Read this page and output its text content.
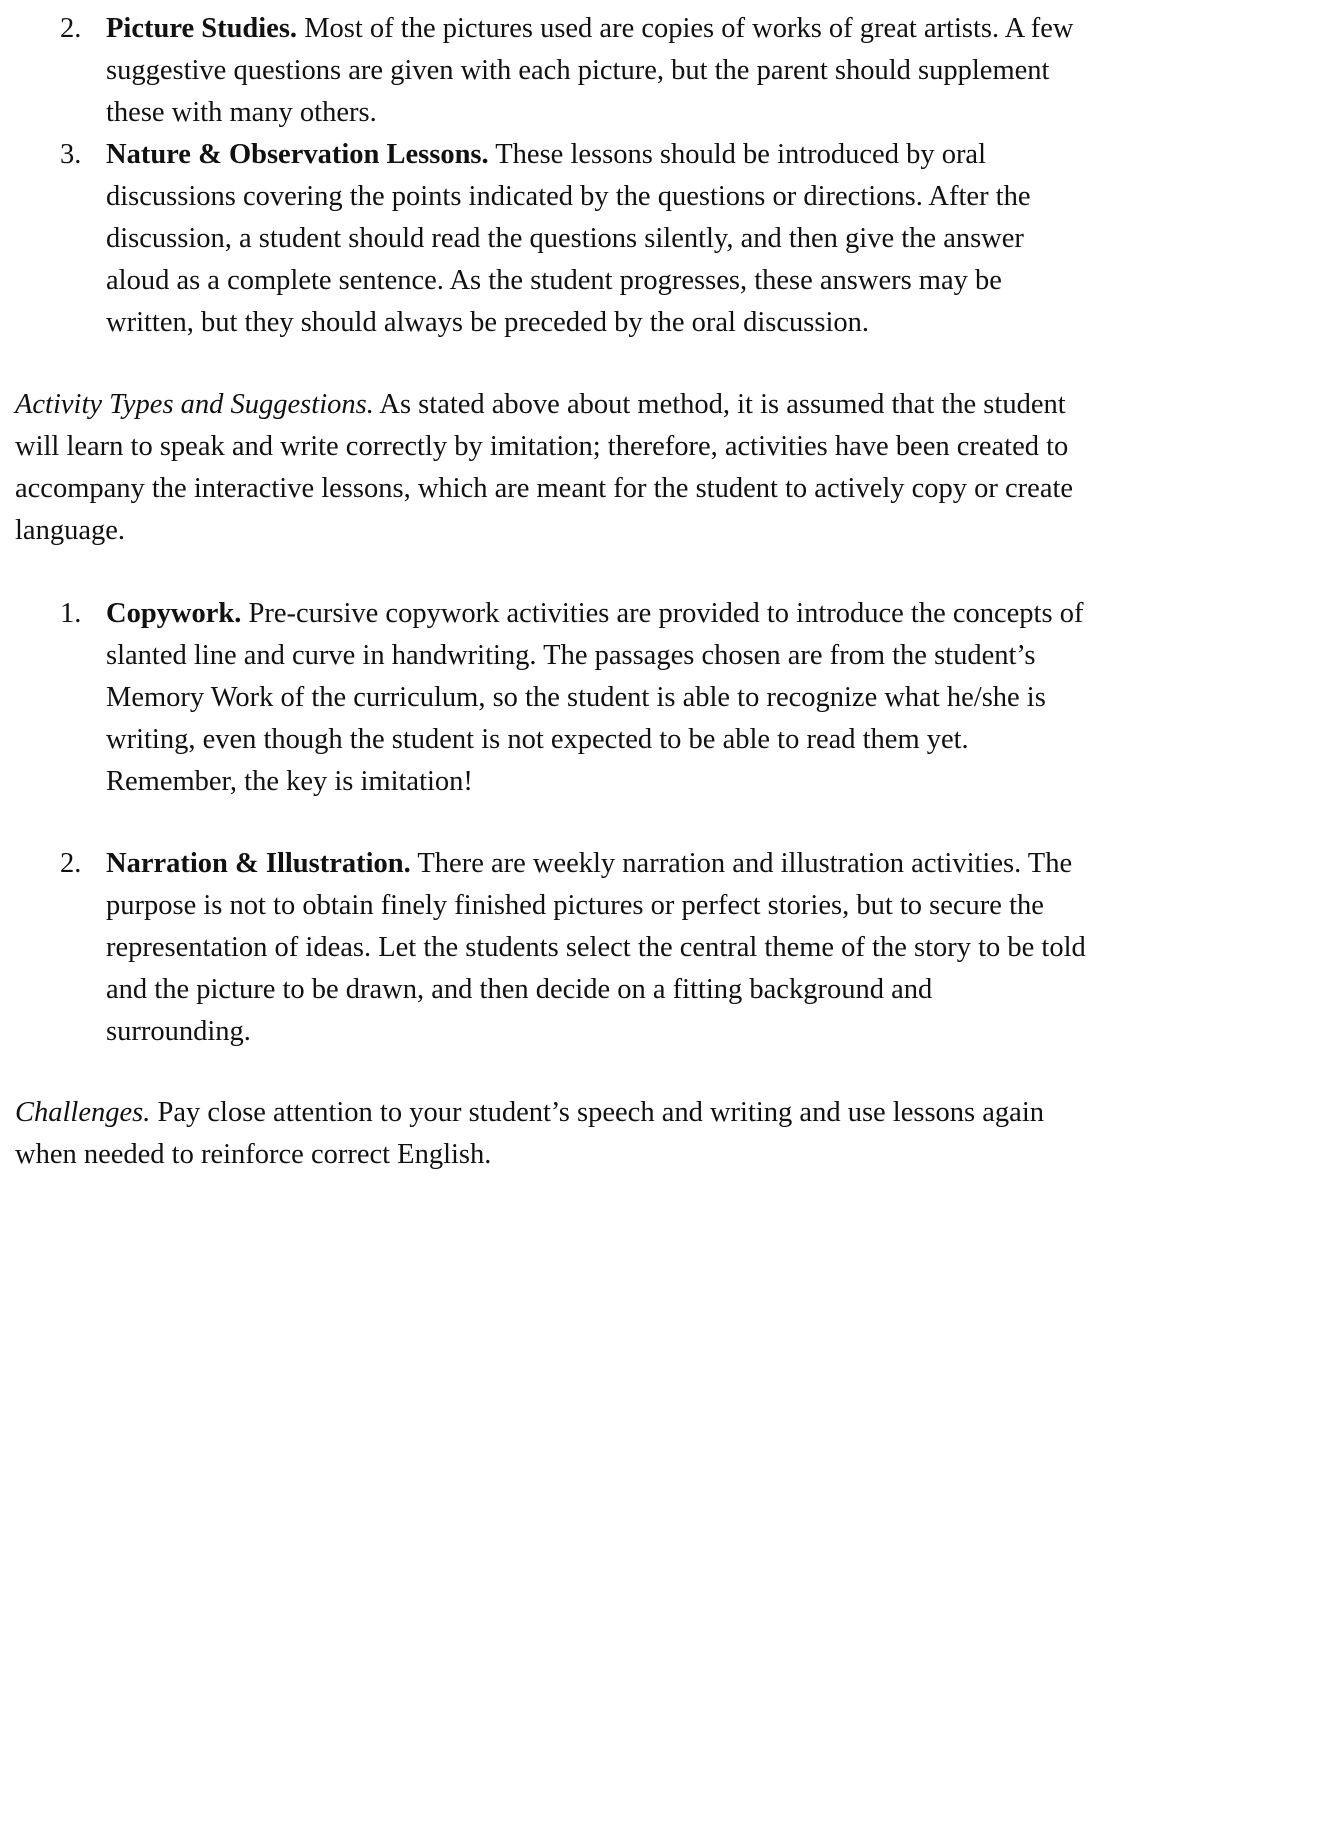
2. Picture Studies. Most of the pictures used are copies of works of great artists. A few
suggestive questions are given with each picture, but the parent should supplement
these with many others.
3. Nature & Observation Lessons. These lessons should be introduced by oral
discussions covering the points indicated by the questions or directions. After the
discussion, a student should read the questions silently, and then give the answer
aloud as a complete sentence. As the student progresses, these answers may be
written, but they should always be preceded by the oral discussion.
Activity Types and Suggestions. As stated above about method, it is assumed that the student
will learn to speak and write correctly by imitation; therefore, activities have been created to
accompany the interactive lessons, which are meant for the student to actively copy or create
language.
1. Copywork. Pre-cursive copywork activities are provided to introduce the concepts of
slanted line and curve in handwriting. The passages chosen are from the student’s
Memory Work of the curriculum, so the student is able to recognize what he/she is
writing, even though the student is not expected to be able to read them yet.
Remember, the key is imitation!
2. Narration & Illustration. There are weekly narration and illustration activities. The
purpose is not to obtain finely finished pictures or perfect stories, but to secure the
representation of ideas. Let the students select the central theme of the story to be told
and the picture to be drawn, and then decide on a fitting background and
surrounding.
Challenges. Pay close attention to your student’s speech and writing and use lessons again
when needed to reinforce correct English.
